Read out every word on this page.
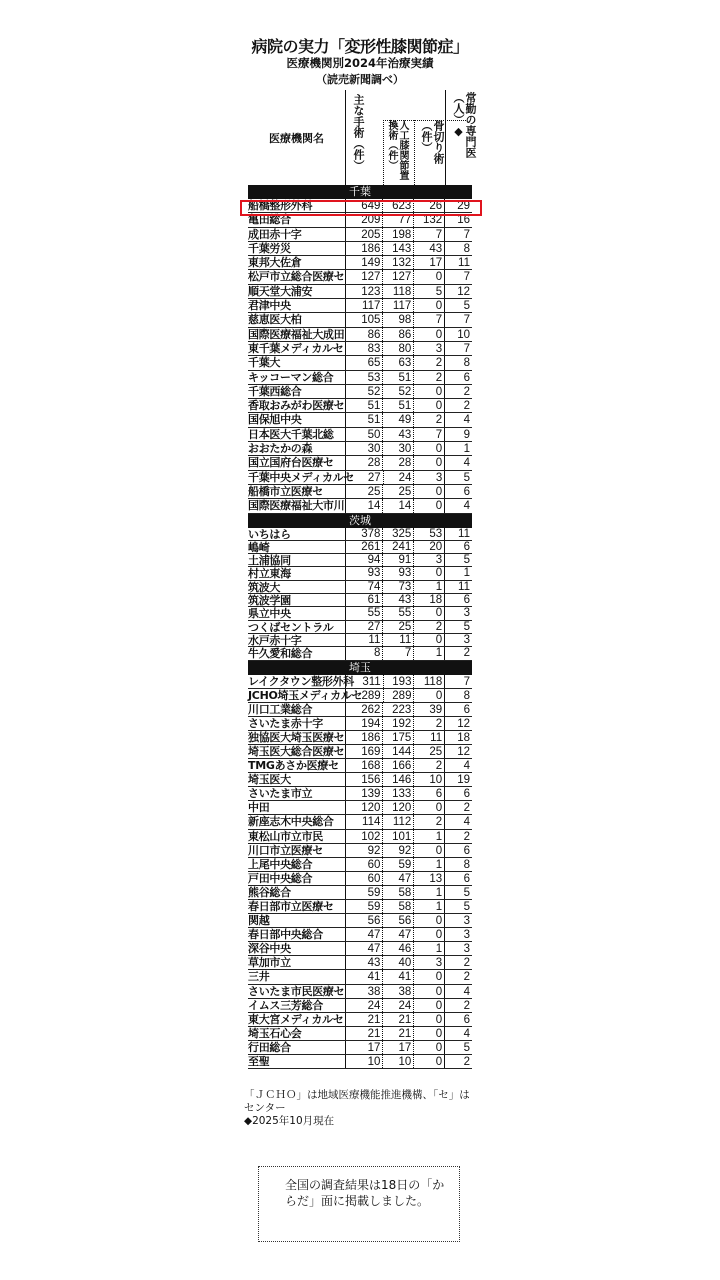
病院の実力「変形性膝関節症」
医療機関別2024年治療実績
（読売新聞調べ）
医療機関名	主な手術（件）	人工膝関節置換術（件）	骨切り術（件）	常勤の専門医（人）◆
千葉
船橋整形外科	649	623	26	29
亀田総合	209	77	132	16
成田赤十字	205	198	7	7
千葉労災	186	143	43	8
東邦大佐倉	149	132	17	11
松戸市立総合医療セ	127	127	0	7
順天堂大浦安	123	118	5	12
君津中央	117	117	0	5
慈恵医大柏	105	98	7	7
国際医療福祉大成田	86	86	0	10
東千葉メディカルセ	83	80	3	7
千葉大	65	63	2	8
キッコーマン総合	53	51	2	6
千葉西総合	52	52	0	2
香取おみがわ医療セ	51	51	0	2
国保旭中央	51	49	2	4
日本医大千葉北総	50	43	7	9
おおたかの森	30	30	0	1
国立国府台医療セ	28	28	0	4
千葉中央メディカルセ	27	24	3	5
船橋市立医療セ	25	25	0	6
国際医療福祉大市川	14	14	0	4
茨城
いちはら	378	325	53	11
嶋崎	261	241	20	6
土浦協同	94	91	3	5
村立東海	93	93	0	1
筑波大	74	73	1	11
筑波学園	61	43	18	6
県立中央	55	55	0	3
つくばセントラル	27	25	2	5
水戸赤十字	11	11	0	3
牛久愛和総合	8	7	1	2
埼玉
レイクタウン整形外科 311	193	118	7
JCHO埼玉メディカルセ 289	289	0	8
川口工業総合	262	223	39	6
さいたま赤十字	194	192	2	12
独協医大埼玉医療セ	186	175	11	18
埼玉医大総合医療セ	169	144	25	12
TMGあさか医療セ	168	166	2	4
埼玉医大	156	146	10	19
さいたま市立	139	133	6	6
中田	120	120	0	2
新座志木中央総合	114	112	2	4
東松山市立市民	102	101	1	2
川口市立医療セ	92	92	0	6
上尾中央総合	60	59	1	8
戸田中央総合	60	47	13	6
熊谷総合	59	58	1	5
春日部市立医療セ	59	58	1	5
関越	56	56	0	3
春日部中央総合	47	47	0	3
深谷中央	47	46	1	3
草加市立	43	40	3	2
三井	41	41	0	2
さいたま市民医療セ	38	38	0	4
イムス三芳総合	24	24	0	2
東大宮メディカルセ	21	21	0	6
埼玉石心会	21	21	0	4
行田総合	17	17	0	5
至聖	10	10	0	2
「ＪＣＨＯ」は地域医療機能推進機構、「セ」はセンター
◆2025年10月現在
全国の調査結果は18日の「からだ」面に掲載しました。
